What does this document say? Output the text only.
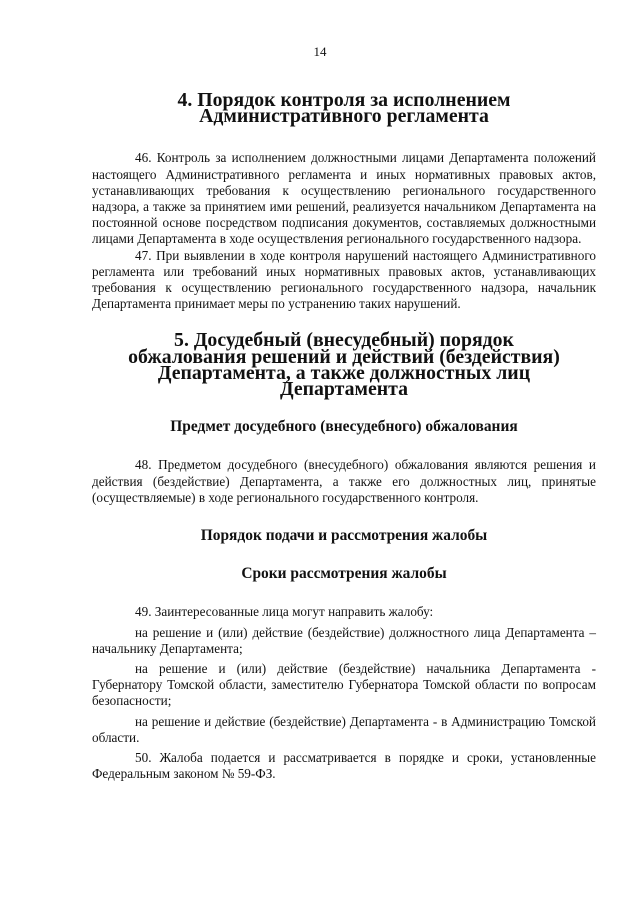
14
4. Порядок контроля за исполнением
Административного регламента

46. Контроль за исполнением должностными лицами Департамента положений настоящего Административного регламента и иных нормативных правовых актов, устанавливающих требования к осуществлению регионального государственного надзора, а также за принятием ими решений, реализуется начальником Департамента на постоянной основе посредством подписания документов, составляемых должностными лицами Департамента в ходе осуществления регионального государственного надзора.

47. При выявлении в ходе контроля нарушений настоящего Административного регламента или требований иных нормативных правовых актов, устанавливающих требования к осуществлению регионального государственного надзора, начальник Департамента принимает меры по устранению таких нарушений.

5. Досудебный (внесудебный) порядок
обжалования решений и действий (бездействия)
Департамента, а также должностных лиц Департамента
Предмет досудебного (внесудебного) обжалования

48. Предметом досудебного (внесудебного) обжалования являются решения и действия (бездействие) Департамента, а также его должностных лиц, принятые (осуществляемые) в ходе регионального государственного контроля.

Порядок подачи и рассмотрения жалобы
Сроки рассмотрения жалобы

49. Заинтересованные лица могут направить жалобу:

на решение и (или) действие (бездействие) должностного лица Департамента – начальнику Департамента;

на решение и (или) действие (бездействие) начальника Департамента - Губернатору Томской области, заместителю Губернатора Томской области по вопросам безопасности;

на решение и действие (бездействие) Департамента - в Администрацию Томской области.

50. Жалоба подается и рассматривается в порядке и сроки, установленные Федеральным законом № 59-ФЗ.
